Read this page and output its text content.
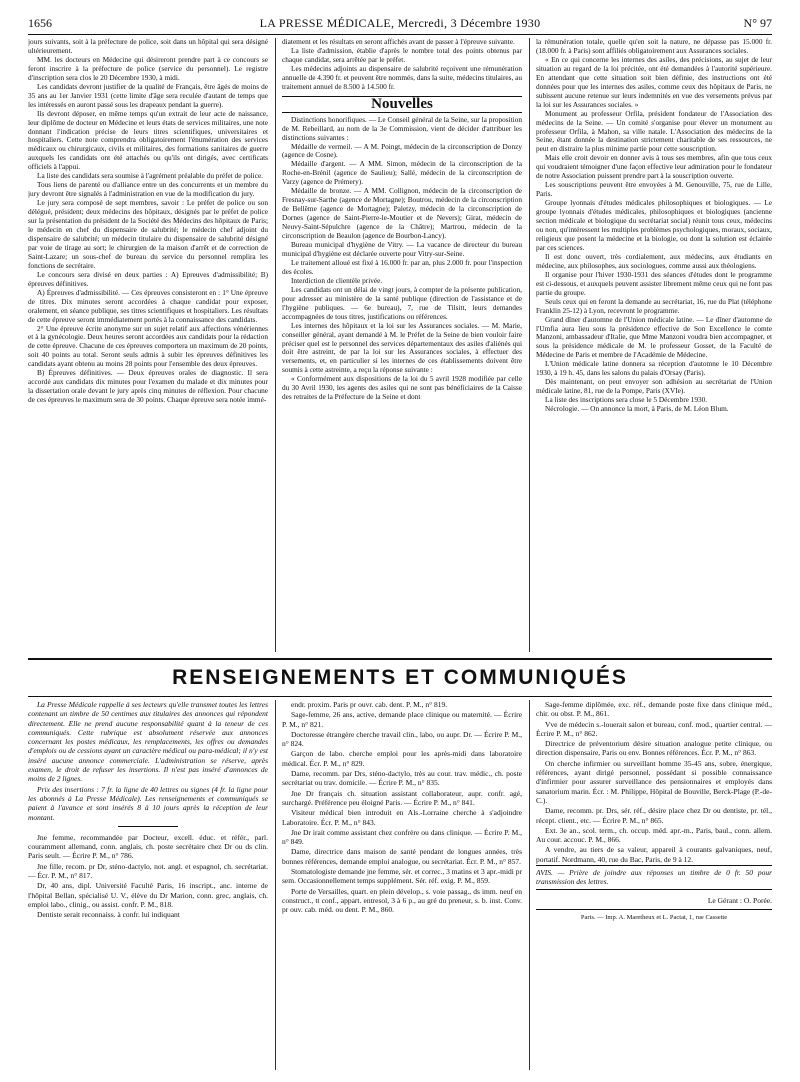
1656	LA PRESSE MÉDICALE, Mercredi, 3 Décembre 1930	N° 97

jours suivants, soit à la préfecture de police, soit dans un hôpital qui sera désigné ultérieurement.

MM. les docteurs en Médecine qui désireront prendre part à ce concours se feront inscrire à la préfecture de police (service du personnel). Le registre d'inscription sera clos le 20 Décembre 1930, à midi.

Les candidats devront justifier de la qualité de Français, être âgés de moins de 35 ans au 1er Janvier 1931 (cette limite d'âge sera reculée d'autant de temps que les intéressés en auront passé sous les drapeaux pendant la guerre).

Ils devront déposer, en même temps qu'un extrait de leur acte de naissance, leur diplôme de docteur en Médecine et leurs états de services militaires, une note donnant l'indication précise de leurs titres scientifiques, universitaires et hospitaliers. Cette note comprendra obligatoirement l'énumération des services médicaux ou chirurgicaux, civils et militaires, des formations sanitaires de guerre auxquels les candidats ont été attachés ou qu'ils ont dirigés, avec certificats officiels à l'appui.

La liste des candidats sera soumise à l'agrément préalable du préfet de police.

Tous liens de parenté ou d'alliance entre un des concurrents et un membre du jury devront être signalés à l'administration en vue de la modification du jury.

Le jury sera composé de sept membres, savoir : Le préfet de police ou son délégué, président; deux médecins des hôpitaux, désignés par le préfet de police sur la présentation du président de la Société des Médecins des hôpitaux de Paris; le médecin en chef du dispensaire de salubrité; le médecin chef adjoint du dispensaire de salubrité; un médecin titulaire du dispensaire de salubrité désigné par voie de tirage au sort; le chirurgien de la maison d'arrêt et de correction de Saint-Lazare; un sous-chef de bureau du service du personnel remplira les fonctions de secrétaire.

Le concours sera divisé en deux parties : A) Epreuves d'admissibilité; B) épreuves définitives.

A) Épreuves d'admissibilité. — Ces épreuves consisteront en : 1° Une épreuve de titres. Dix minutes seront accordées à chaque candidat pour exposer, oralement, en séance publique, ses titres scientifiques et hospitaliers. Les résultats de cette épreuve seront immédiatement portés à la connaissance des candidats.

2° Une épreuve écrite anonyme sur un sujet relatif aux affections vénériennes et à la gynécologie. Deux heures seront accordées aux candidats pour la rédaction de cette épreuve. Chacune de ces épreuves comportera un maximum de 20 points, soit 40 points au total. Seront seuls admis à subir les épreuves définitives les candidats ayant obtenu au moins 28 points pour l'ensemble des deux épreuves.

B) Épreuves définitives. — Deux épreuves orales de diagnostic. Il sera accordé aux candidats dix minutes pour l'examen du malade et dix minutes pour la dissertation orale devant le jury après cinq minutes de réflexion. Pour chacune de ces épreuves le maximum sera de 30 points. Chaque épreuve sera notée immé-

diatement et les résultats en seront affichés avant de passer à l'épreuve suivante.

La liste d'admission, établie d'après le nombre total des points obtenus par chaque candidat, sera arrêtée par le préfet.

Les médecins adjoints au dispensaire de salubrité reçoivent une rémunération annuelle de 4.390 fr. et peuvent être nommés, dans la suite, médecins titulaires, au traitement annuel de 8.500 à 14.500 fr.

Nouvelles

Distinctions honorifiques. — Le Conseil général de la Seine, sur la proposition de M. Rebeillard, au nom de la 3e Commission, vient de décider d'attribuer les distinctions suivantes :

Médaille de vermeil. — A M. Poingt, médecin de la circonscription de Donzy (agence de Cosne).

Médaille d'argent. — A MM. Simon, médecin de la circonscription de la Roche-en-Brénil (agence de Saulieu); Sallé, médecin de la circonscription de Varzy (agence de Prémery).

Médaille de bronze. — A MM. Collignon, médecin de la circonscription de Fresnay-sur-Sarthe (agence de Mortagne); Boutrou, médecin de la circonscription de Bellême (agence de Mortagne); Paletzy, médecin de la circonscription de Dornes (agence de Saint-Pierre-le-Moutier et de Nevers); Girat, médecin de Neuvy-Saint-Sépulchre (agence de la Châtre); Martrou, médecin de la circonscription de Beaulon (agence de Bourbon-Lancy).

Bureau municipal d'hygiène de Vitry. — La vacance de directeur du bureau municipal d'hygiène est déclarée ouverte pour Vitry-sur-Seine.

Le traitement alloué est fixé à 16.000 fr. par an, plus 2.000 fr. pour l'inspection des écoles.

Interdiction de clientèle privée.

Les candidats ont un délai de vingt jours, à compter de la présente publication, pour adresser au ministère de la santé publique (direction de l'assistance et de l'hygiène publiques. — 6e bureau), 7, rue de Tilsitt, leurs demandes accompagnées de tous titres, justifications ou références.

Les internes des hôpitaux et la loi sur les Assurances sociales. — M. Marie, conseiller général, ayant demandé à M. le Préfet de la Seine de bien vouloir faire préciser quel est le personnel des services départementaux des asiles d'aliénés qui doit être astreint, de par la loi sur les Assurances sociales, à effectuer des versements, et, en particulier si les internes de ces établissements doivent être soumis à cette astreinte, a reçu la réponse suivante :

« Conformément aux dispositions de la loi du 5 avril 1928 modifiée par celle du 30 Avril 1930, les agents des asiles qui ne sont pas bénéficiaires de la Caisse des retraites de la Préfecture de la Seine et dont

la rémunération totale, quelle qu'en soit la nature, ne dépasse pas 15.000 fr. (18.000 fr. à Paris) sont affiliés obligatoirement aux Assurances sociales.

« En ce qui concerne les internes des asiles, des précisions, au sujet de leur situation au regard de la loi précitée, ont été demandées à l'autorité supérieure. En attendant que cette situation soit bien définie, des instructions ont été données pour que les internes des asiles, comme ceux des hôpitaux de Paris, ne subissent aucune retenue sur leurs indemnités en vue des versements prévus par la loi sur les Assurances sociales. »

Monument au professeur Orfila, président fondateur de l'Association des médecins de la Seine. — Un comité s'organise pour élever un monument au professeur Orfila, à Mahon, sa ville natale. L'Association des médecins de la Seine, étant donnée la destination strictement charitable de ses ressources, ne peut en distraire la plus minime partie pour cette souscription.

Mais elle croit devoir en donner avis à tous ses membres, afin que tous ceux qui voudraient témoigner d'une façon effective leur admiration pour le fondateur de notre Association puissent prendre part à la souscription ouverte.

Les souscriptions peuvent être envoyées à M. Genouville, 75, rue de Lille, Paris.

Groupe lyonnais d'études médicales philosophiques et biologiques. — Le groupe lyonnais d'études médicales, philosophiques et biologiques (ancienne section médicale et biologique du secrétariat social) réunit tous ceux, médecins ou non, qu'intéressent les multiples problèmes psychologiques, moraux, sociaux, religieux que posent la médecine et la biologie, ou dont la solution est éclairée par ces sciences.

Il est donc ouvert, très cordialement, aux médecins, aux étudiants en médecine, aux philosophes, aux sociologues, comme aussi aux théologiens.

Il organise pour l'hiver 1930-1931 des séances d'études dont le programme est ci-dessous, et auxquels peuvent assister librement même ceux qui ne font pas partie du groupe.

Seuls ceux qui en feront la demande au secrétariat, 16, rue du Plat (téléphone Franklin 25-12) à Lyon, recevront le programme.

Grand dîner d'automne de l'Union médicale latine. — Le dîner d'automne de l'Umfia aura lieu sous la présidence effective de Son Excellence le comte Manzoni, ambassadeur d'Italie, que Mme Manzoni voudra bien accompagner, et sous la présidence médicale de M. le professeur Gosset, de la Faculté de Médecine de Paris et membre de l'Académie de Médecine.

L'Union médicale latine donnera sa réception d'automne le 10 Décembre 1930, à 19 h. 45, dans les salons du palais d'Orsay (Paris).

Dès maintenant, on peut envoyer son adhésion au secrétariat de l'Union médicale latine, 81, rue de la Pompe, Paris (XVIe).

La liste des inscriptions sera close le 5 Décembre 1930.

Nécrologie. — On annonce la mort, à Paris, de M. Léon Blum.

RENSEIGNEMENTS ET COMMUNIQUÉS

La Presse Médicale rappelle à ses lecteurs qu'elle transmet toutes les lettres contenant un timbre de 50 centimes aux titulaires des annonces qui répondent directement. Elle ne prend aucune responsabilité quant à la teneur de ces communiqués. Cette rubrique est absolument réservée aux annonces concernant les postes médicaux, les remplacements, les offres ou demandes d'emplois ou de cessions ayant un caractère médical ou para-médical; il n'y est inséré aucune annonce commerciale. L'administration se réserve, après examen, le droit de refuser les insertions. Il n'est pas inséré d'annonces de moins de 2 lignes.

Prix des insertions : 7 fr. la ligne de 40 lettres ou signes (4 fr. la ligne pour les abonnés à La Presse Médicale). Les renseignements et communiqués se paient à l'avance et sont insérés 8 à 10 jours après la réception de leur montant.

Jne femme, recommandée par Docteur, excell. éduc. et référ., parl. couramment allemand, conn. anglais, ch. poste secrétaire chez Dr ou ds clin. Paris seult. — Écrire P. M., n° 786.

Jne fille, recom. pr Dr, sténo-dactylo, not. angl. et espagnol, ch. secrétariat. — Écr. P. M., n° 817.

Dr, 40 ans, dipl. Université Faculté Paris, 16 inscript., anc. interne de l'hôpital Bellan, spécialisé U. V., élève du Dr Marion, conn. grec, anglais, ch. emploi labo., clinig., ou assist. confr. P. M., 818.

Dentiste serait reconnaiss. à confr. lui indiquant

endr. proxim. Paris pr ouvr. cab. dent. P. M., n° 819.

Sage-femme, 26 ans, active, demande place clinique ou maternité. — Écrire P. M., n° 821.

Doctoresse étrangère cherche travail clin., labo, ou aupr. Dr. — Écrire P. M., n° 824.

Garçon de labo. cherche emploi pour les après-midi dans laboratoire médical. Écr. P. M., n° 829.

Dame, recomm. par Drs, sténo-dactylo, très au cour. trav. médic., ch. poste secrétariat ou trav. domicile. — Écrire P. M., n° 835.

Jne Dr français ch. situation assistant collaborateur, aupr. confr. agé, surchargé. Préférence peu éloigné Paris. — Écrire P. M., n° 841.

Visiteur médical bien introduit en Als.-Lorraine cherche à s'adjoindre Laboratoire. Écr. P. M., n° 843.

Jne Dr irait comme assistant chez confrère ou dans clinique. — Écrire P. M., n° 849.

Dame, directrice dans maison de santé pendant de longues années, très bonnes références, demande emploi analogue, ou secrétariat. Écr. P. M., n° 857.

Stomatologiste demande jne femme, sér. et correc., 3 matins et 3 apr.-midi pr sem. Occasionnellement temps supplément. Sér. réf. exig. P. M., 859.

Porte de Versailles, quart. en plein dévelop., s. voie passag., ds imm. neuf en construct., tt conf., appart. entresol, 3 à 6 p., au gré du preneur, s. b. inst. Conv. pr ouv. cab. méd. ou dent. P. M., 860.

Sage-femme diplômée, exc. réf., demande poste fixe dans clinique méd., chir. ou obst. P. M., 861.

Vve de médecin s.-louerait salon et bureau, conf. mod., quartier central. — Écrire P. M., n° 862.

Directrice de préventorium désire situation analogue petite clinique, ou direction dispensaire, Paris ou env. Bonnes références. Écr. P. M., n° 863.

On cherche infirmier ou surveillant homme 35-45 ans, sobre, énergique, références, ayant dirigé personnel, possédant si possible connaissance d'infirmier pour assurer surveillance des pensionnaires et employés dans sanatorium marin. Écr. : M. Philippe, Hôpital de Bouville, Berck-Plage (P.-de-C.).

Dame, recomm. pr. Drs, sér. réf., désire place chez Dr ou dentiste, pr. tél., récept. client., etc. — Écrire P. M., n° 865.

Ext. 3e an., scol. term., ch. occup. méd. apr.-m., Paris, baul., conn. allem. Au cour. accouc. P. M., 866.

A vendre, au tiers de sa valeur, appareil à courants galvaniques, neuf, portatif. Nordmann, 40, rue du Bac, Paris, de 9 à 12.

AVIS. — Prière de joindre aux réponses un timbre de 0 fr. 50 pour transmission des lettres.
Le Gérant : O. Porée.
Paris. — Imp. A. Maretheux et L. Pactat, 1, rue Cassette
